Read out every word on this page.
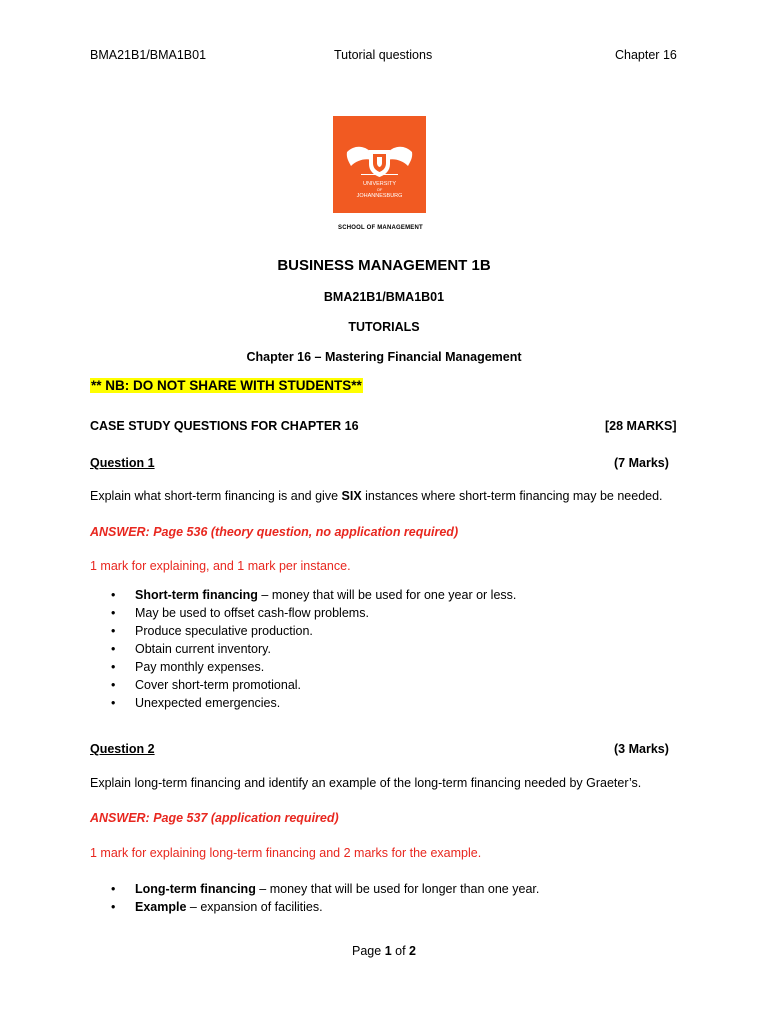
BMA21B1/BMA1B01	Tutorial questions	Chapter 16
UNIVERSITY
OF
JOHANNESBURG
SCHOOL OF MANAGEMENT
BUSINESS MANAGEMENT 1B
BMA21B1/BMA1B01
TUTORIALS
Chapter 16 – Mastering Financial Management
** NB: DO NOT SHARE WITH STUDENTS**
CASE STUDY QUESTIONS FOR CHAPTER 16	[28 MARKS]
Question 1	(7 Marks)
Explain what short-term financing is and give SIX instances where short-term financing may be needed.
ANSWER: Page 536 (theory question, no application required)
1 mark for explaining, and 1 mark per instance.
• Short-term financing – money that will be used for one year or less.
• May be used to offset cash-flow problems.
• Produce speculative production.
• Obtain current inventory.
• Pay monthly expenses.
• Cover short-term promotional.
• Unexpected emergencies.
Question 2	(3 Marks)
Explain long-term financing and identify an example of the long-term financing needed by Graeter’s.
ANSWER: Page 537 (application required)
1 mark for explaining long-term financing and 2 marks for the example.
• Long-term financing – money that will be used for longer than one year.
• Example – expansion of facilities.
Page 1 of 2
